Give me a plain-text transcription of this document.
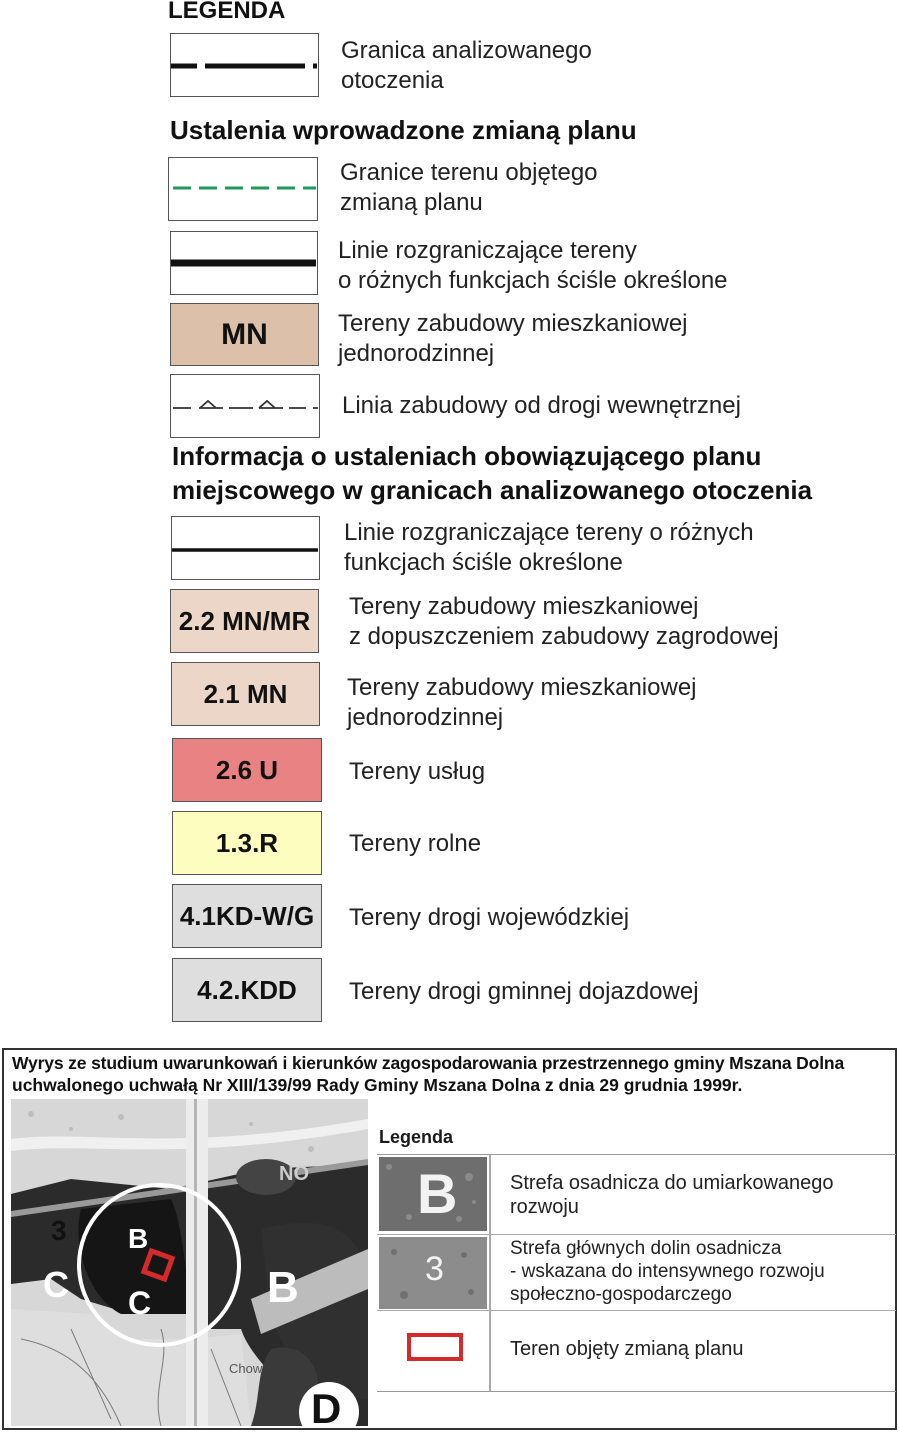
LEGENDA
Granica analizowanego
otoczenia
Ustalenia wprowadzone zmianą planu
Granice terenu objętego
zmianą planu
Linie rozgraniczające tereny
o różnych funkcjach ściśle określone
MN	Tereny zabudowy mieszkaniowej
jednorodzinnej
Linia zabudowy od drogi wewnętrznej
Informacja o ustaleniach obowiązującego planu
miejscowego w granicach analizowanego otoczenia
Linie rozgraniczające tereny o różnych
funkcjach ściśle określone
2.2 MN/MR	Tereny zabudowy mieszkaniowej
z dopuszczeniem zabudowy zagrodowej
2.1 MN	Tereny zabudowy mieszkaniowej
jednorodzinnej
2.6 U	Tereny usług
1.3.R	Tereny rolne
4.1KD-W/G	Tereny drogi wojewódzkiej
4.2.KDD	Tereny drogi gminnej dojazdowej
Wyrys ze studium uwarunkowań i kierunków zagospodarowania przestrzennego gminy Mszana Dolna
uchwalonego uchwałą Nr XIII/139/99 Rady Gminy Mszana Dolna z dnia 29 grudnia 1999r.
3 B
C C	B
D
NO
Chow
Legenda
B	Strefa osadnicza do umiarkowanego
rozwoju
3
Strefa głównych dolin osadnicza
- wskazana do intensywnego rozwoju
społeczno-gospodarczego
Teren objęty zmianą planu
